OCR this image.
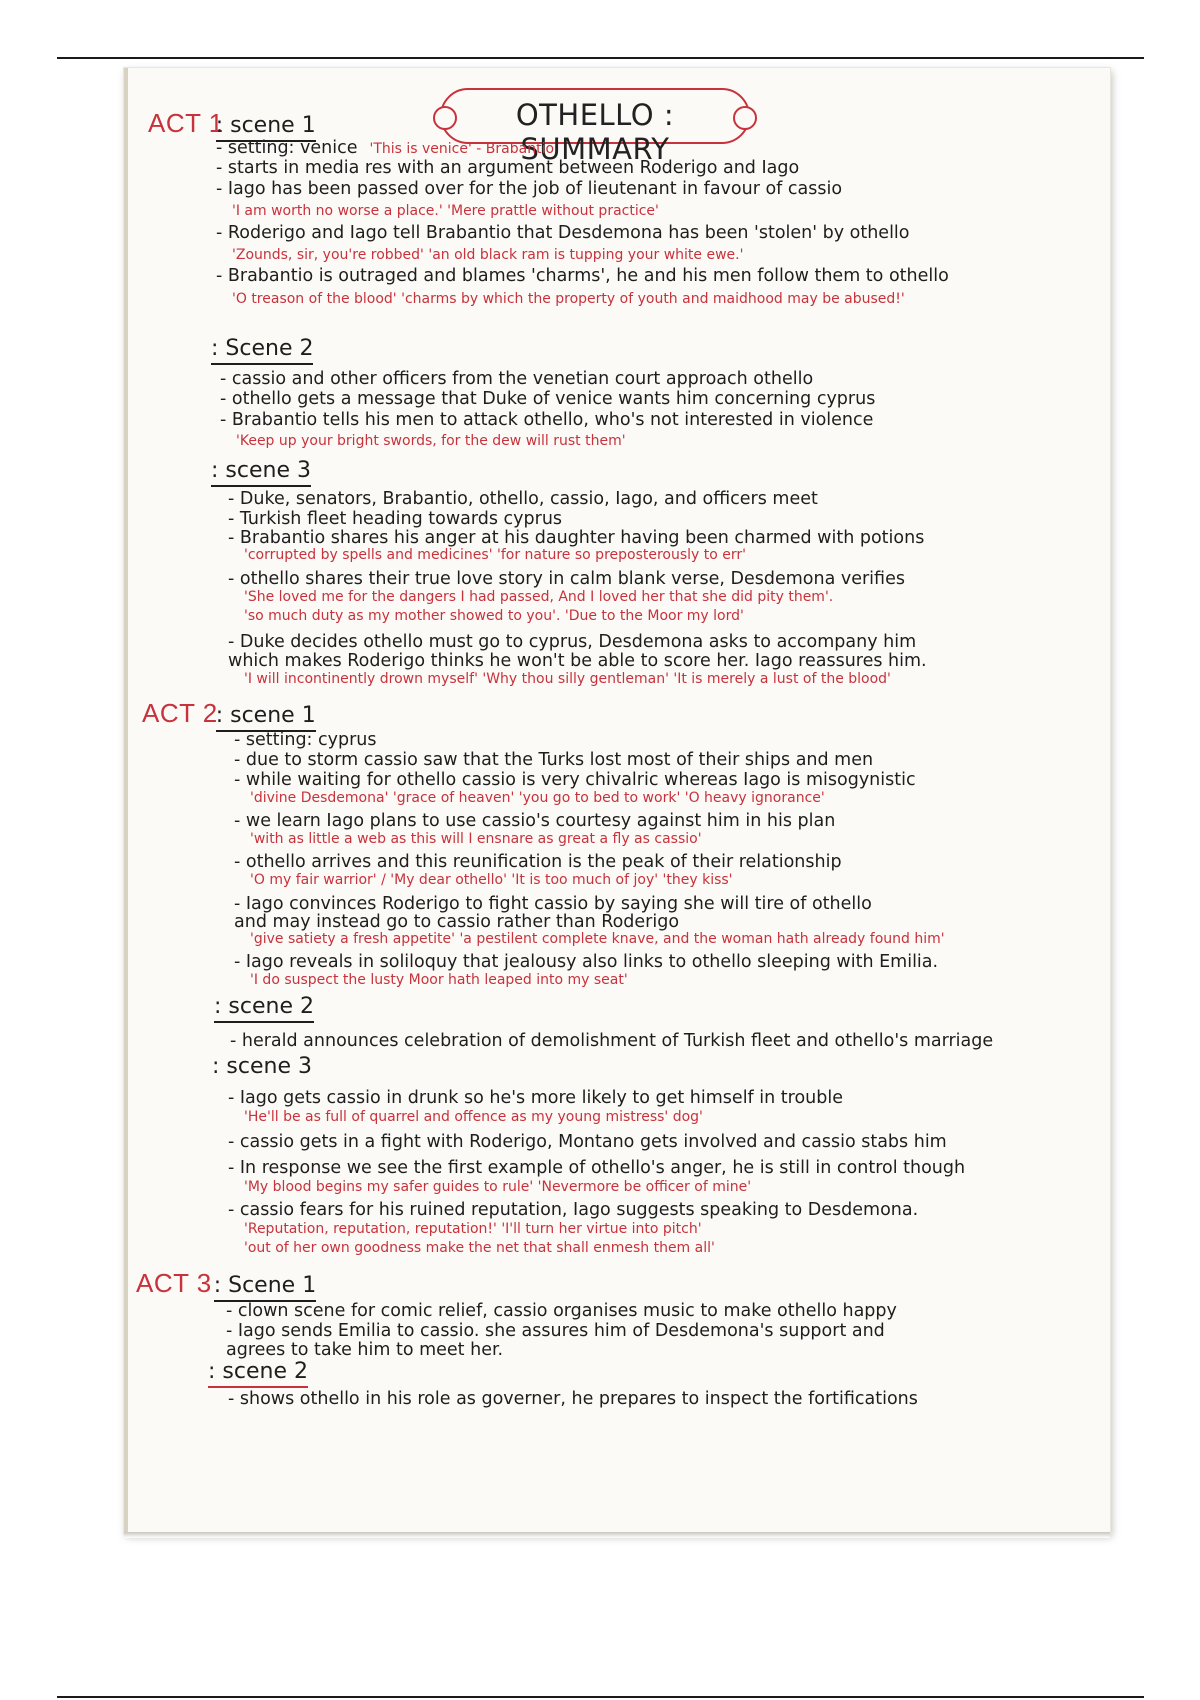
OTHELLO : SUMMARY
ACT 1
: scene 1
- setting: venice 'This is venice' - Brabantio
- starts in media res with an argument between Roderigo and Iago
- Iago has been passed over for the job of lieutenant in favour of cassio
'I am worth no worse a place.' 'Mere prattle without practice'
- Roderigo and Iago tell Brabantio that Desdemona has been 'stolen' by othello
'Zounds, sir, you're robbed' 'an old black ram is tupping your white ewe.'
- Brabantio is outraged and blames 'charms', he and his men follow them to othello
'O treason of the blood' 'charms by which the property of youth and maidhood may be abused!'
: Scene 2
- cassio and other officers from the venetian court approach othello
- othello gets a message that Duke of venice wants him concerning cyprus
- Brabantio tells his men to attack othello, who's not interested in violence
'Keep up your bright swords, for the dew will rust them'
: scene 3
- Duke, senators, Brabantio, othello, cassio, Iago, and officers meet
- Turkish fleet heading towards cyprus
- Brabantio shares his anger at his daughter having been charmed with potions
'corrupted by spells and medicines' 'for nature so preposterously to err'
- othello shares their true love story in calm blank verse, Desdemona verifies
'She loved me for the dangers I had passed, And I loved her that she did pity them'.
'so much duty as my mother showed to you'. 'Due to the Moor my lord'
- Duke decides othello must go to cyprus, Desdemona asks to accompany him
which makes Roderigo thinks he won't be able to score her. Iago reassures him.
'I will incontinently drown myself' 'Why thou silly gentleman' 'It is merely a lust of the blood'
ACT 2
: scene 1
- setting: cyprus
- due to storm cassio saw that the Turks lost most of their ships and men
- while waiting for othello cassio is very chivalric whereas Iago is misogynistic
'divine Desdemona' 'grace of heaven' 'you go to bed to work' 'O heavy ignorance'
- we learn Iago plans to use cassio's courtesy against him in his plan
'with as little a web as this will I ensnare as great a fly as cassio'
- othello arrives and this reunification is the peak of their relationship
'O my fair warrior' / 'My dear othello' 'It is too much of joy' 'they kiss'
- Iago convinces Roderigo to fight cassio by saying she will tire of othello
and may instead go to cassio rather than Roderigo
'give satiety a fresh appetite' 'a pestilent complete knave, and the woman hath already found him'
- Iago reveals in soliloquy that jealousy also links to othello sleeping with Emilia.
'I do suspect the lusty Moor hath leaped into my seat'
: scene 2
- herald announces celebration of demolishment of Turkish fleet and othello's marriage
: scene 3
- Iago gets cassio in drunk so he's more likely to get himself in trouble
'He'll be as full of quarrel and offence as my young mistress' dog'
- cassio gets in a fight with Roderigo, Montano gets involved and cassio stabs him
- In response we see the first example of othello's anger, he is still in control though
'My blood begins my safer guides to rule' 'Nevermore be officer of mine'
- cassio fears for his ruined reputation, Iago suggests speaking to Desdemona.
'Reputation, reputation, reputation!' 'I'll turn her virtue into pitch'
'out of her own goodness make the net that shall enmesh them all'
ACT 3 : Scene 1
- clown scene for comic relief, cassio organises music to make othello happy
- Iago sends Emilia to cassio. she assures him of Desdemona's support and
agrees to take him to meet her.
: scene 2
- shows othello in his role as governer, he prepares to inspect the fortifications
